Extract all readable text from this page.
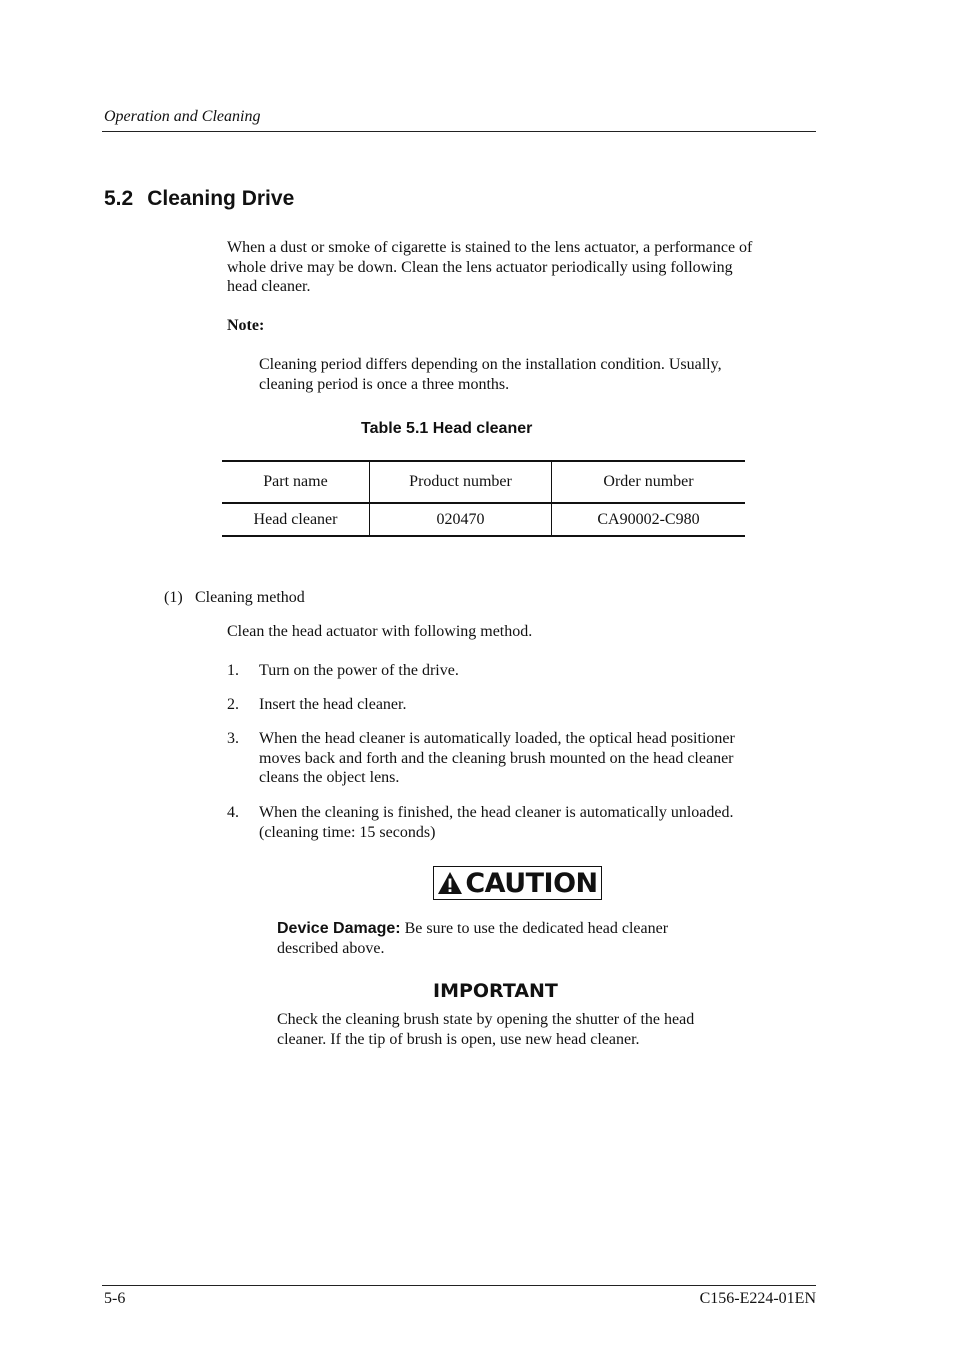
Operation and Cleaning
5.2 Cleaning Drive
When a dust or smoke of cigarette is stained to the lens actuator, a performance of
whole drive may be down. Clean the lens actuator periodically using following
head cleaner.
Note:
Cleaning period differs depending on the installation condition. Usually,
cleaning period is once a three months.
Table 5.1 Head cleaner
Part name	Product number	Order number
Head cleaner	020470	CA90002-C980
(1) Cleaning method
Clean the head actuator with following method.
1. Turn on the power of the drive.
2. Insert the head cleaner.
3. When the head cleaner is automatically loaded, the optical head positioner
moves back and forth and the cleaning brush mounted on the head cleaner
cleans the object lens.
4. When the cleaning is finished, the head cleaner is automatically unloaded.
(cleaning time: 15 seconds)
CAUTION
Device Damage: Be sure to use the dedicated head cleaner
described above.
IMPORTANT
Check the cleaning brush state by opening the shutter of the head
cleaner. If the tip of brush is open, use new head cleaner.
5-6	C156-E224-01EN
